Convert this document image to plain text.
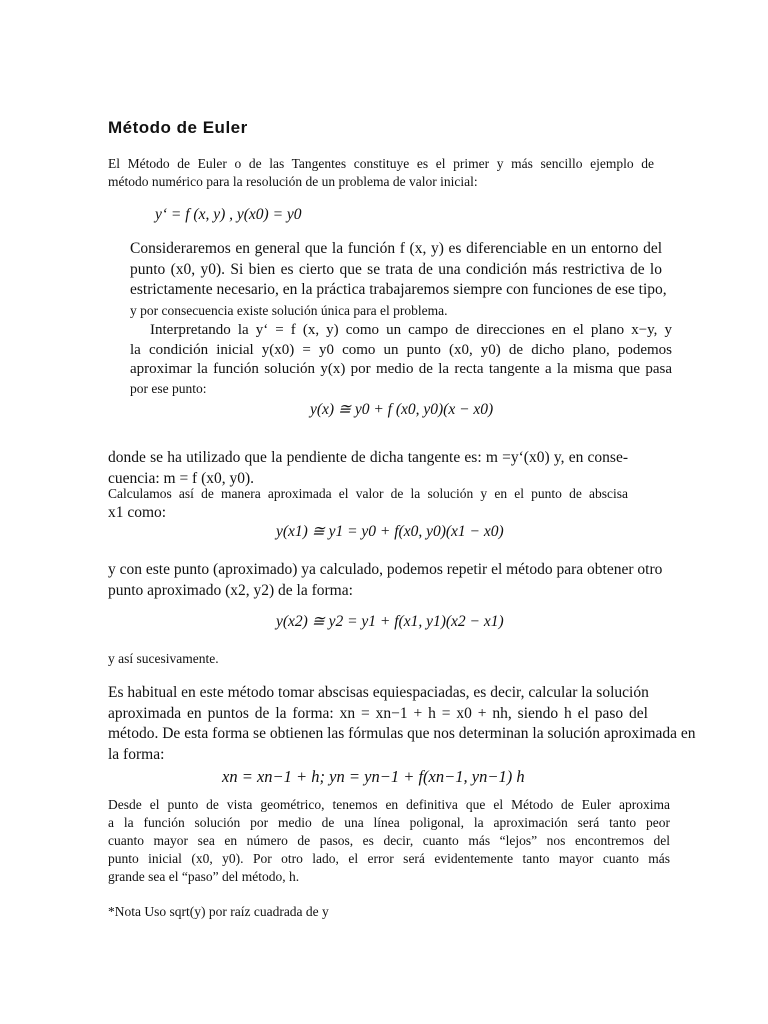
Método de Euler
El Método de Euler o de las Tangentes constituye es el primer y más sencillo ejemplo de
método numérico para la resolución de un problema de valor inicial:
y‘ = f (x, y) , y(x0) = y0
Consideraremos en general que la función f (x, y) es diferenciable en un entorno del
punto (x0, y0). Si bien es cierto que se trata de una condición más restrictiva de lo
estrictamente necesario, en la práctica trabajaremos siempre con funciones de ese tipo,
y por consecuencia existe solución única para el problema.
Interpretando la y‘ = f (x, y) como un campo de direcciones en el plano x−y, y
la condición inicial y(x0) = y0 como un punto (x0, y0) de dicho plano, podemos
aproximar la función solución y(x) por medio de la recta tangente a la misma que pasa
por ese punto:
y(x) ≅ y0 + f (x0, y0)(x − x0)
donde se ha utilizado que la pendiente de dicha tangente es: m =y‘(x0) y, en conse-
cuencia: m = f (x0, y0).
Calculamos así de manera aproximada el valor de la solución y en el punto de abscisa
x1 como:
y(x1) ≅ y1 = y0 + f(x0, y0)(x1 − x0)
y con este punto (aproximado) ya calculado, podemos repetir el método para obtener otro
punto aproximado (x2, y2) de la forma:
y(x2) ≅ y2 = y1 + f(x1, y1)(x2 − x1)
y así sucesivamente.
Es habitual en este método tomar abscisas equiespaciadas, es decir, calcular la solución
aproximada en puntos de la forma: xn = xn−1 + h = x0 + nh, siendo h el paso del
método. De esta forma se obtienen las fórmulas que nos determinan la solución aproximada en
la forma:
xn = xn−1 + h; yn = yn−1 + f(xn−1, yn−1) h
Desde el punto de vista geométrico, tenemos en definitiva que el Método de Euler aproxima
a la función solución por medio de una línea poligonal, la aproximación será tanto peor
cuanto mayor sea en número de pasos, es decir, cuanto más “lejos” nos encontremos del
punto inicial (x0, y0). Por otro lado, el error será evidentemente tanto mayor cuanto más
grande sea el “paso” del método, h.
*Nota Uso sqrt(y) por raíz cuadrada de y
